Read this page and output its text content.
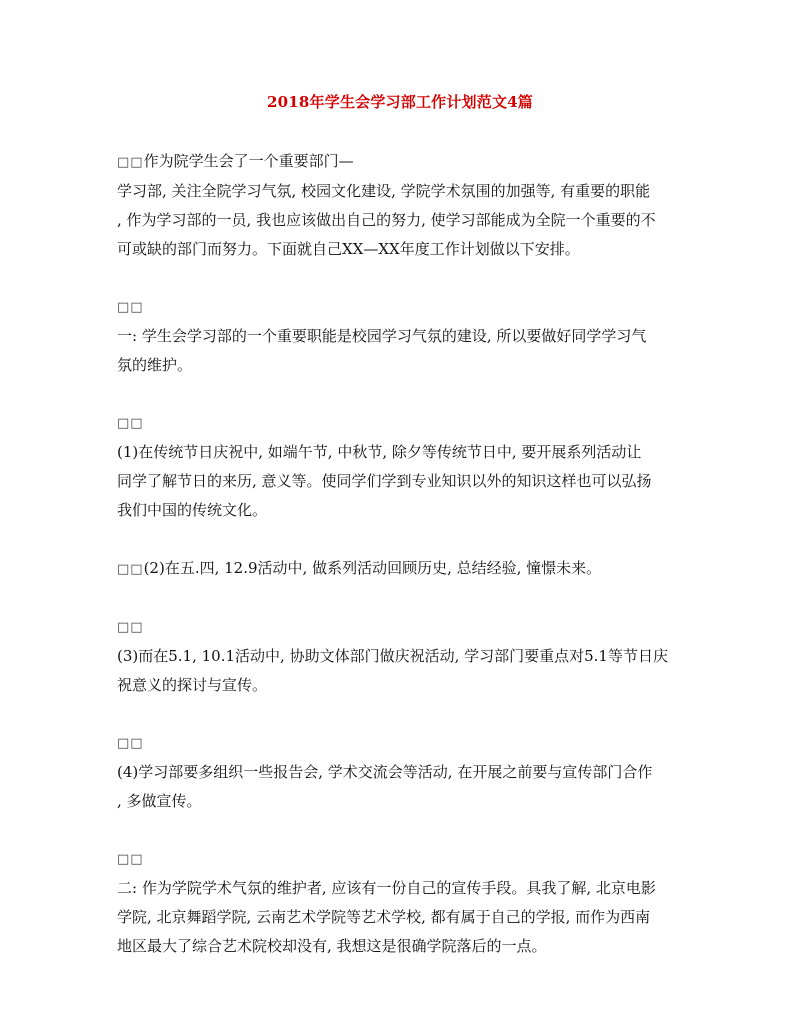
2018年学生会学习部工作计划范文4篇
□□作为院学生会了一个重要部门—
学习部, 关注全院学习气氛, 校园文化建设, 学院学术氛围的加强等, 有重要的职能
, 作为学习部的一员, 我也应该做出自己的努力, 使学习部能成为全院一个重要的不
可或缺的部门而努力。下面就自己XX—XX年度工作计划做以下安排。
□□
一: 学生会学习部的一个重要职能是校园学习气氛的建设, 所以要做好同学学习气
氛的维护。
□□
(1)在传统节日庆祝中, 如端午节, 中秋节, 除夕等传统节日中, 要开展系列活动让
同学了解节日的来历, 意义等。使同学们学到专业知识以外的知识这样也可以弘扬
我们中国的传统文化。
□□(2)在五.四, 12.9活动中, 做系列活动回顾历史, 总结经验, 憧憬未来。
□□
(3)而在5.1, 10.1活动中, 协助文体部门做庆祝活动, 学习部门要重点对5.1等节日庆
祝意义的探讨与宣传。
□□
(4)学习部要多组织一些报告会, 学术交流会等活动, 在开展之前要与宣传部门合作
, 多做宣传。
□□
二: 作为学院学术气氛的维护者, 应该有一份自己的宣传手段。具我了解, 北京电影
学院, 北京舞蹈学院, 云南艺术学院等艺术学校, 都有属于自己的学报, 而作为西南
地区最大了综合艺术院校却没有, 我想这是很确学院落后的一点。
